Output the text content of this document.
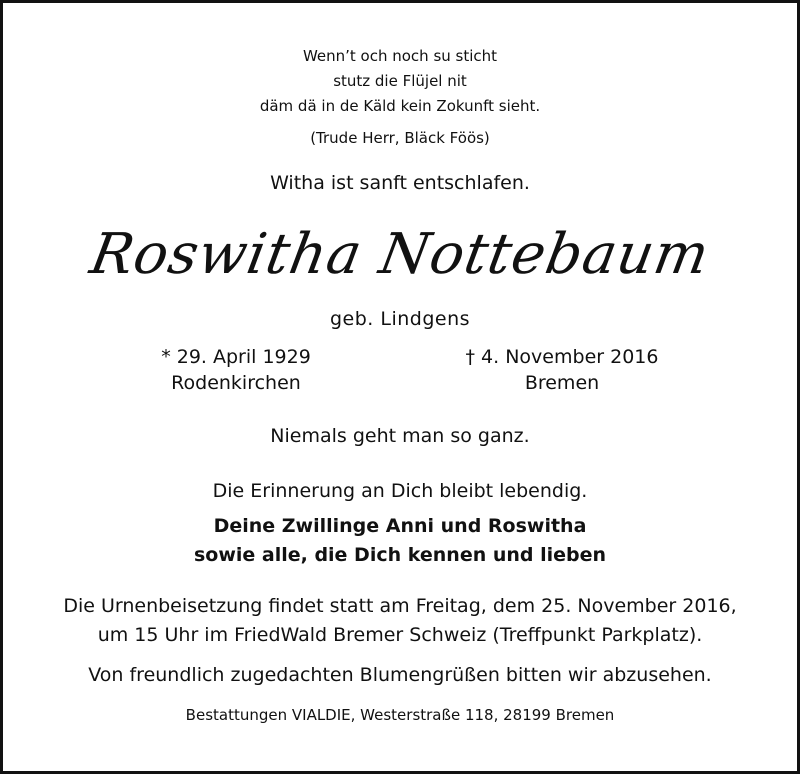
Wenn’t och noch su sticht
stutz die Flüjel nit
däm dä in de Käld kein Zokunft sieht.
(Trude Herr, Bläck Föös)
Witha ist sanft entschlafen.
Roswitha Nottebaum
geb. Lindgens
* 29. April 1929
Rodenkirchen
† 4. November 2016
Bremen
Niemals geht man so ganz.
Die Erinnerung an Dich bleibt lebendig.
Deine Zwillinge Anni und Roswitha
sowie alle, die Dich kennen und lieben
Die Urnenbeisetzung findet statt am Freitag, dem 25. November 2016,
um 15 Uhr im FriedWald Bremer Schweiz (Treffpunkt Parkplatz).
Von freundlich zugedachten Blumengrüßen bitten wir abzusehen.
Bestattungen VIALDIE, Westerstraße 118, 28199 Bremen
